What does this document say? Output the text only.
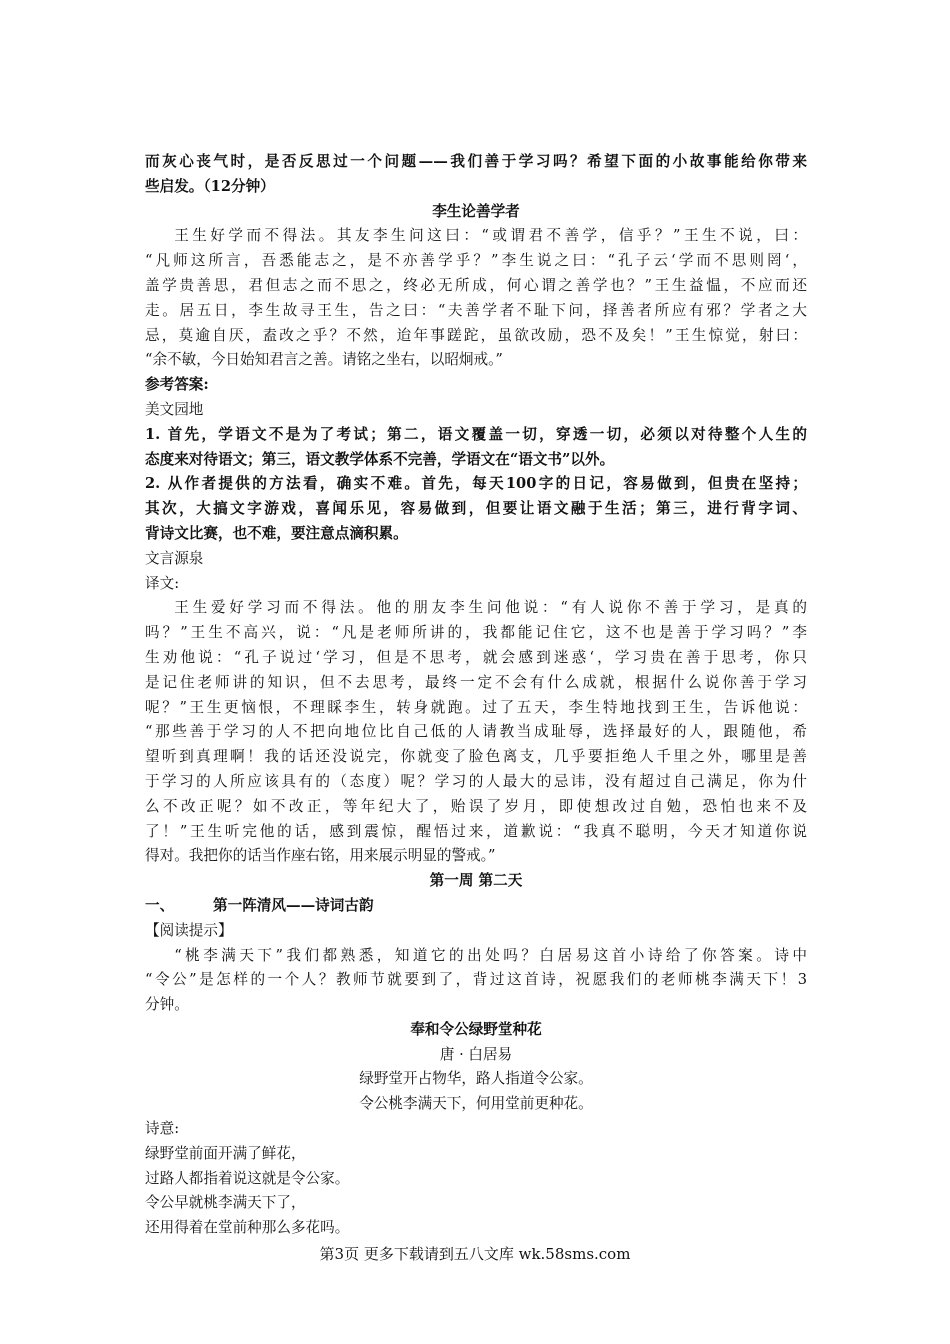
而灰心丧气时，是否反思过一个问题——我们善于学习吗？希望下面的小故事能给你带来
些启发。（12分钟）
李生论善学者
王生好学而不得法。其友李生问这曰：“或谓君不善学，信乎？”王生不说，曰：
“凡师这所言，吾悉能志之，是不亦善学乎？”李生说之曰：“孔子云‘学而不思则罔‘，
盖学贵善思，君但志之而不思之，终必无所成，何心谓之善学也？”王生益愠，不应而还
走。居五日，李生故寻王生，告之曰：“夫善学者不耻下问，择善者所应有邪？学者之大
忌，莫逾自厌，盍改之乎？不然，迨年事蹉跎，虽欲改励，恐不及矣！”王生惊觉，射曰：
“余不敏，今日始知君言之善。请铭之坐右，以昭炯戒。”
参考答案:
美文园地
1. 首先，学语文不是为了考试；第二，语文覆盖一切，穿透一切，必须以对待整个人生的
态度来对待语文；第三，语文教学体系不完善，学语文在“语文书”以外。
2. 从作者提供的方法看，确实不难。首先，每天100字的日记，容易做到，但贵在坚持；
其次，大搞文字游戏，喜闻乐见，容易做到，但要让语文融于生活；第三，进行背字词、
背诗文比赛，也不难，要注意点滴积累。
文言源泉
译文:
王生爱好学习而不得法。他的朋友李生问他说：“有人说你不善于学习，是真的
吗？”王生不高兴，说：“凡是老师所讲的，我都能记住它，这不也是善于学习吗？”李
生劝他说：“孔子说过‘学习，但是不思考，就会感到迷惑‘，学习贵在善于思考，你只
是记住老师讲的知识，但不去思考，最终一定不会有什么成就，根据什么说你善于学习
呢？”王生更恼恨，不理睬李生，转身就跑。过了五天，李生特地找到王生，告诉他说：
“那些善于学习的人不把向地位比自己低的人请教当成耻辱，选择最好的人，跟随他，希
望听到真理啊！我的话还没说完，你就变了脸色离支，几乎要拒绝人千里之外，哪里是善
于学习的人所应该具有的（态度）呢？学习的人最大的忌讳，没有超过自己满足，你为什
么不改正呢？如不改正，等年纪大了，贻误了岁月，即使想改过自勉，恐怕也来不及
了！”王生听完他的话，感到震惊，醒悟过来，道歉说：“我真不聪明，今天才知道你说
得对。我把你的话当作座右铭，用来展示明显的警戒。”
第一周 第二天
一、	第一阵清风——诗词古韵
【阅读提示】
“桃李满天下”我们都熟悉，知道它的出处吗？白居易这首小诗给了你答案。诗中
“令公”是怎样的一个人？教师节就要到了，背过这首诗，祝愿我们的老师桃李满天下！3
分钟。
奉和令公绿野堂种花
唐 · 白居易
绿野堂开占物华，路人指道令公家。
令公桃李满天下，何用堂前更种花。
诗意:
绿野堂前面开满了鲜花，
过路人都指着说这就是令公家。
令公早就桃李满天下了，
还用得着在堂前种那么多花吗。
第3页 更多下载请到五八文库 wk.58sms.com
